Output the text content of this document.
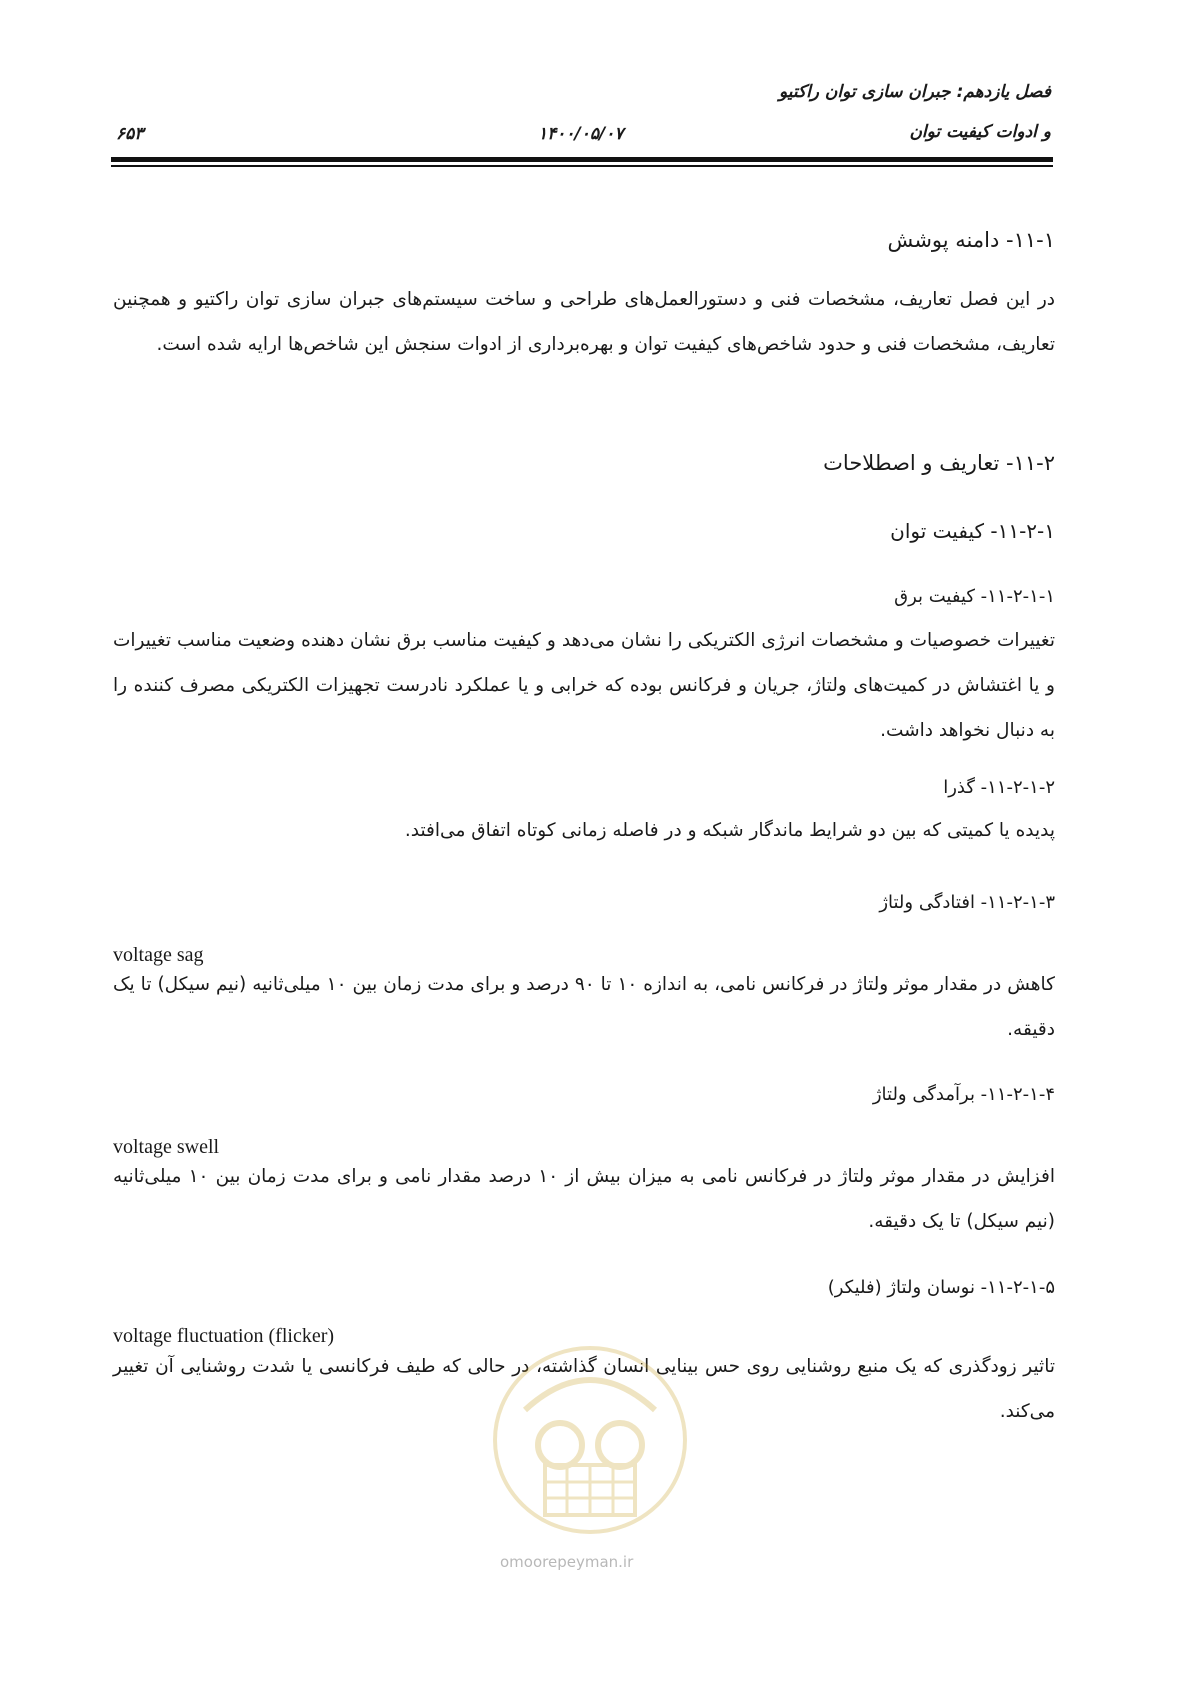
فصل یازدهم: جبران سازی توان راکتیو
و ادوات کیفیت توان
۱۴۰۰/۰۵/۰۷
۶۵۳
۱۱-۱- دامنه پوشش
در این فصل تعاریف، مشخصات فنی و دستورالعمل‌های طراحی و ساخت سیستم‌های جبران سازی توان راکتیو و همچنین تعاریف، مشخصات فنی و حدود شاخص‌های کیفیت توان و بهره‌برداری از ادوات سنجش این شاخص‌ها ارایه شده است.
۱۱-۲- تعاریف و اصطلاحات
۱۱-۲-۱- کیفیت توان
۱۱-۲-۱-۱- کیفیت برق
تغییرات خصوصیات و مشخصات انرژی الکتریکی را نشان می‌دهد و کیفیت مناسب برق نشان دهنده وضعیت مناسب تغییرات و یا اغتشاش در کمیت‌های ولتاژ، جریان و فرکانس بوده که خرابی و یا عملکرد نادرست تجهیزات الکتریکی مصرف کننده را به دنبال نخواهد داشت.
۱۱-۲-۱-۲- گذرا
پدیده یا کمیتی که بین دو شرایط ماندگار شبکه و در فاصله زمانی کوتاه اتفاق می‌افتد.
۱۱-۲-۱-۳- افتادگی ولتاژ
voltage sag
کاهش در مقدار موثر ولتاژ در فرکانس نامی، به اندازه ۱۰ تا ۹۰ درصد و برای مدت زمان بین ۱۰ میلی‌ثانیه (نیم سیکل) تا یک دقیقه.
۱۱-۲-۱-۴- برآمدگی ولتاژ
voltage swell
افزایش در مقدار موثر ولتاژ در فرکانس نامی به میزان بیش از ۱۰ درصد مقدار نامی و برای مدت زمان بین ۱۰ میلی‌ثانیه (نیم سیکل) تا یک دقیقه.
۱۱-۲-۱-۵- نوسان ولتاژ (فلیکر)
voltage fluctuation (flicker)
تاثیر زودگذری که یک منبع روشنایی روی حس بینایی انسان گذاشته، در حالی که طیف فرکانسی یا شدت روشنایی آن تغییر می‌کند.
omoorepeyman.ir
